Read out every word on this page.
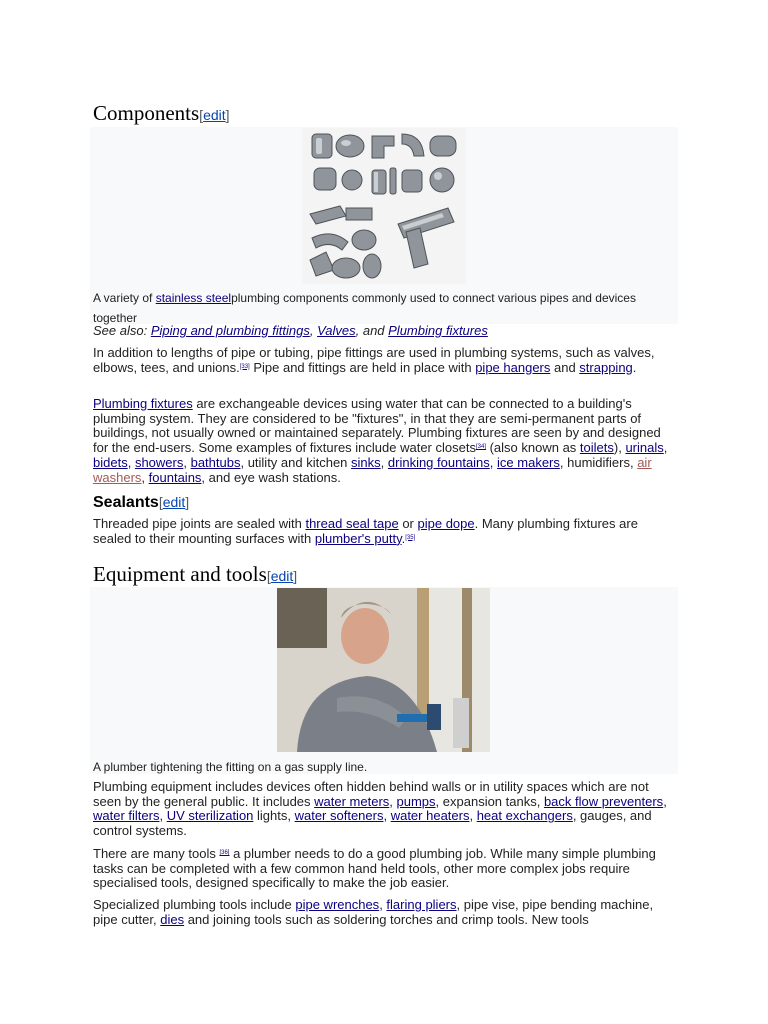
Components[edit]
A variety of stainless steelplumbing components commonly used to connect various pipes and devices together
See also: Piping and plumbing fittings, Valves, and Plumbing fixtures
In addition to lengths of pipe or tubing, pipe fittings are used in plumbing systems, such as valves, elbows, tees, and unions.[33] Pipe and fittings are held in place with pipe hangers and strapping.
Plumbing fixtures are exchangeable devices using water that can be connected to a building's plumbing system. They are considered to be "fixtures", in that they are semi-permanent parts of buildings, not usually owned or maintained separately. Plumbing fixtures are seen by and designed for the end-users. Some examples of fixtures include water closets[34] (also known as toilets), urinals, bidets, showers, bathtubs, utility and kitchen sinks, drinking fountains, ice makers, humidifiers, air washers, fountains, and eye wash stations.
Sealants[edit]
Threaded pipe joints are sealed with thread seal tape or pipe dope. Many plumbing fixtures are sealed to their mounting surfaces with plumber's putty.[35]
Equipment and tools[edit]
A plumber tightening the fitting on a gas supply line.
Plumbing equipment includes devices often hidden behind walls or in utility spaces which are not seen by the general public. It includes water meters, pumps, expansion tanks, back flow preventers, water filters, UV sterilization lights, water softeners, water heaters, heat exchangers, gauges, and control systems.
There are many tools [36] a plumber needs to do a good plumbing job. While many simple plumbing tasks can be completed with a few common hand held tools, other more complex jobs require specialised tools, designed specifically to make the job easier.
Specialized plumbing tools include pipe wrenches, flaring pliers, pipe vise, pipe bending machine, pipe cutter, dies and joining tools such as soldering torches and crimp tools. New tools
